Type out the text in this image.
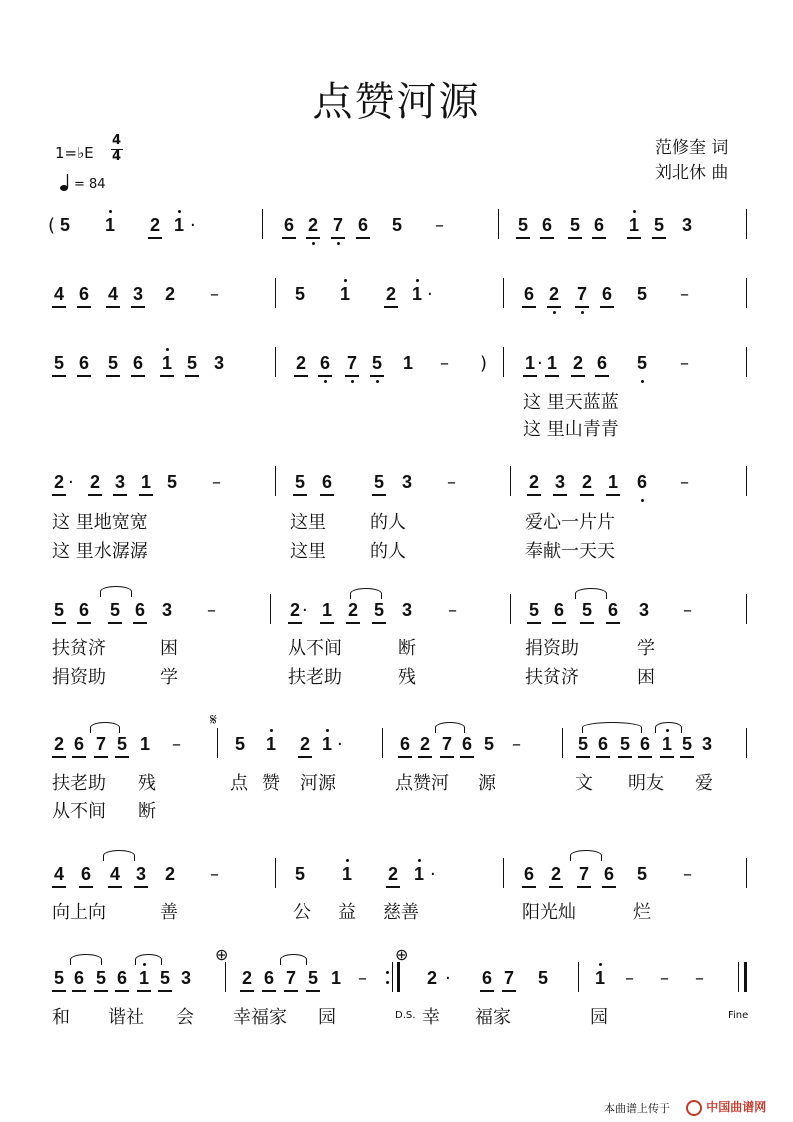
点赞河源
范修奎 词
刘北休 曲
1=♭E
4
4
= 84
( 5 1 2 1 ·	6 2 7 6 5 –	5 6 5 6 1 5 3
4 6 4 3 2 –	5 1 2 1 ·	6 2 7 6 5 –
5 6 5 6 1 5 3	2 6 7 5 1 – ) 1 · 1 2 6 5 –
2 · 2 3 1 5 –	5 6 5 3 –	2 3 2 1 6 –
5 6 5 6 3 –	2 · 1 2 5 3 –	5 6 5 6 3 –
2 6 7 5 1 –	5 1 2 1 ·	6 2 7 6 5 –	5 6 5 6 1 5 3
4 6 4 3 2 –	5 1 2 1 ·	6 2 7 6 5 –
5 6 5 6 1 5 3	2 6 7 5 1 –	2 · 6 7 5	1 – – –
𝄋
⊕	⊕
这 里天蓝蓝
这 里山青青
这 里地宽宽	这里 的人	爱心一片片
这 里水潺潺	这里 的人	奉献一天天
扶贫济	困	从不间	断	捐资助	学
捐资助	学	扶老助	残	扶贫济	困
扶老助 残	点 赞 河源	点赞河 源	文 明友 爱
从不间 断
向上向	善	公 益 慈善	阳光灿	烂
和 谐社 会 幸福家 园	幸 福家	园
D.S.	Fine
本曲谱上传于	中国曲谱网
